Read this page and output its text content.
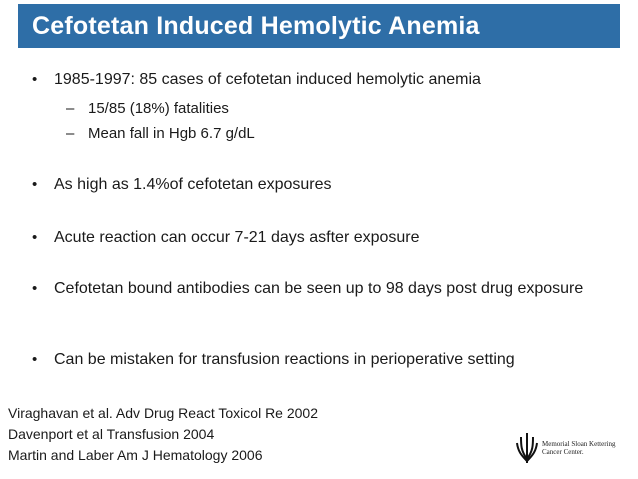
Cefotetan Induced Hemolytic Anemia
•	1985-1997: 85 cases of cefotetan induced hemolytic anemia
– 15/85 (18%) fatalities
– Mean fall in Hgb 6.7 g/dL
•	As high as 1.4%of cefotetan exposures
•	Acute reaction can occur 7-21 days asfter exposure
•	Cefotetan bound antibodies can be seen up to 98 days post drug exposure
•	Can be mistaken for transfusion reactions in perioperative setting
Viraghavan et al. Adv Drug React Toxicol Re 2002
Davenport et al Transfusion 2004
Martin and Laber Am J Hematology 2006
Memorial Sloan Kettering
Cancer Center.
